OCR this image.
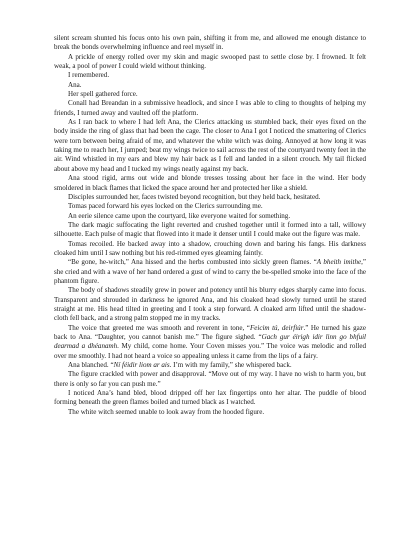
silent scream shunted his focus onto his own pain, shifting it from me, and allowed me enough distance to break the bonds overwhelming influence and reel myself in.

A prickle of energy rolled over my skin and magic swooped past to settle close by. I frowned. It felt weak, a pool of power I could wield without thinking.

I remembered.

Ana.

Her spell gathered force.

Conall had Breandan in a submissive headlock, and since I was able to cling to thoughts of helping my friends, I turned away and vaulted off the platform.

As I ran back to where I had left Ana, the Clerics attacking us stumbled back, their eyes fixed on the body inside the ring of glass that had been the cage. The closer to Ana I got I noticed the smattering of Clerics were torn between being afraid of me, and whatever the white witch was doing. Annoyed at how long it was taking me to reach her, I jumped; beat my wings twice to sail across the rest of the courtyard twenty feet in the air. Wind whistled in my ears and blew my hair back as I fell and landed in a silent crouch. My tail flicked about above my head and I tucked my wings neatly against my back.

Ana stood rigid, arms out wide and blonde tresses tossing about her face in the wind. Her body smoldered in black flames that licked the space around her and protected her like a shield.

Disciples surrounded her, faces twisted beyond recognition, but they held back, hesitated.

Tomas paced forward his eyes locked on the Clerics surrounding me.

An eerie silence came upon the courtyard, like everyone waited for something.

The dark magic suffocating the light reverted and crushed together until it formed into a tall, willowy silhouette. Each pulse of magic that flowed into it made it denser until I could make out the figure was male.

Tomas recoiled. He backed away into a shadow, crouching down and baring his fangs. His darkness cloaked him until I saw nothing but his red-rimmed eyes gleaming faintly.

“Be gone, he-witch,” Ana hissed and the herbs combusted into sickly green flames. “A bheith imithe,” she cried and with a wave of her hand ordered a gust of wind to carry the be-spelled smoke into the face of the phantom figure.

The body of shadows steadily grew in power and potency until his blurry edges sharply came into focus. Transparent and shrouded in darkness he ignored Ana, and his cloaked head slowly turned until he stared straight at me. His head tilted in greeting and I took a step forward. A cloaked arm lifted until the shadow-cloth fell back, and a strong palm stopped me in my tracks.

The voice that greeted me was smooth and reverent in tone, “Feicim tú, deirfiúr.” He turned his gaze back to Ana. “Daughter, you cannot banish me.” The figure sighed. “Gach gur éirigh idir linn go bhfuil dearmad a dhéanamh. My child, come home. Your Coven misses you.” The voice was melodic and rolled over me smoothly. I had not heard a voice so appealing unless it came from the lips of a fairy.

Ana blanched. “Ní féidir liom ar ais. I’m with my family,” she whispered back.

The figure crackled with power and disapproval. “Move out of my way. I have no wish to harm you, but there is only so far you can push me.”

I noticed Ana’s hand bled, blood dripped off her lax fingertips onto her altar. The puddle of blood forming beneath the green flames boiled and turned black as I watched.

The white witch seemed unable to look away from the hooded figure.
